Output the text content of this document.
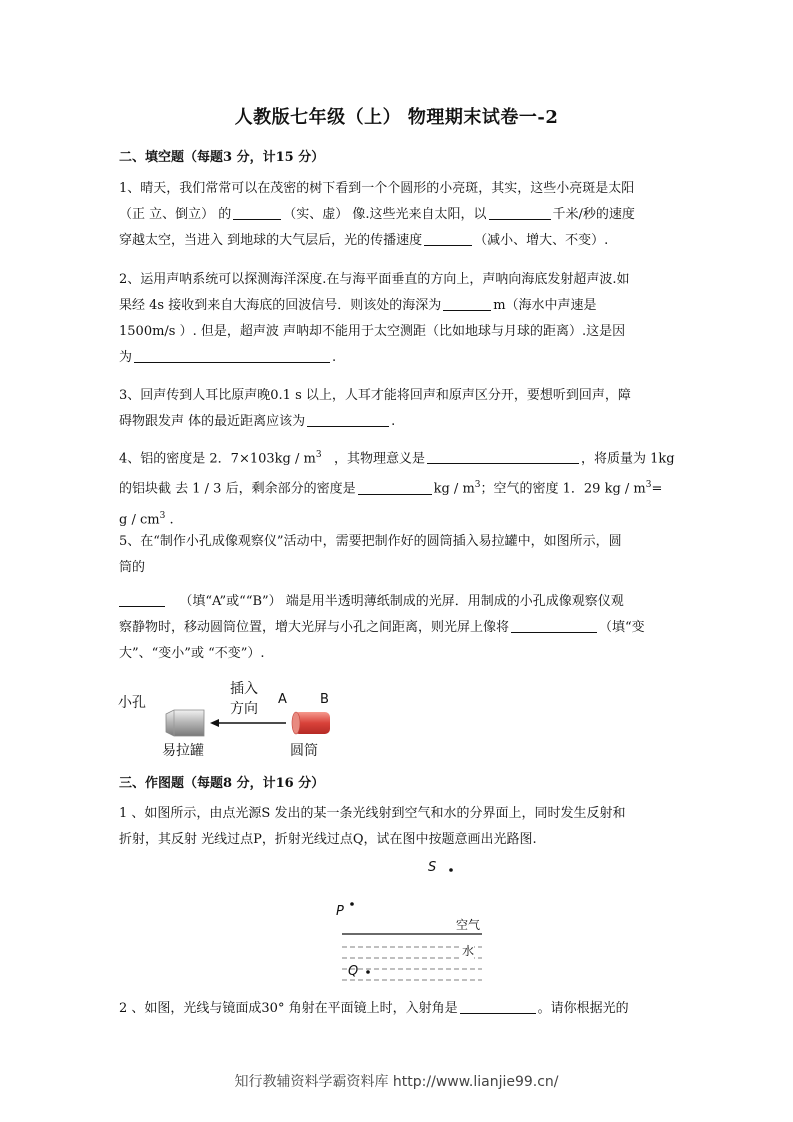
人教版七年级（上） 物理期末试卷一-2
二、填空题（每题3 分，计15 分）
1、晴天，我们常常可以在茂密的树下看到一个个圆形的小亮斑，其实，这些小亮斑是太阳
（正 立、倒立） 的	（实、虚） 像.这些光来自太阳，以	千米/秒的速度
穿越太空，当进入 到地球的大气层后，光的传播速度	（减小、增大、不变）.
2、运用声呐系统可以探测海洋深度.在与海平面垂直的方向上，声呐向海底发射超声波.如
果经 4s 接收到来自大海底的回波信号．则该处的海深为	m（海水中声速是
1500m/s ）. 但是，超声波 声呐却不能用于太空测距（比如地球与月球的距离）.这是因
为	.
3、回声传到人耳比原声晚0.1 s 以上，人耳才能将回声和原声区分开，要想听到回声，障
碍物跟发声 体的最近距离应该为	.
4、铝的密度是 2．$7\times 103kg / m^3$ ，其物理意义是	，将质量为 1kg
的铝块截 去 1 / 3 后，剩余部分的密度是	kg / $m^3$；空气的密度 1．29 kg / $m^3=$
g / $cm^3$ .
5、在“制作小孔成像观察仪”活动中，需要把制作好的圆筒插入易拉罐中，如图所示，圆
筒的
（填“A”或““B”） 端是用半透明薄纸制成的光屏．用制成的小孔成像观察仪观
察静物时，移动圆筒位置，增大光屏与小孔之间距离，则光屏上像将	（填“变
大”、“变小”或 “不变”）.
小孔
插入
方向
A	B
易拉罐	圆筒
三、作图题（每题8 分，计16 分）
1 、如图所示，由点光源S 发出的某一条光线射到空气和水的分界面上，同时发生反射和
折射，其反射 光线过点P，折射光线过点Q，试在图中按题意画出光路图.
S
P
Q
空气
水
2 、如图，光线与镜面成30° 角射在平面镜上时，入射角是	。请你根据光的
知行教辅资料学霸资料库 http://www.lianjie99.cn/
